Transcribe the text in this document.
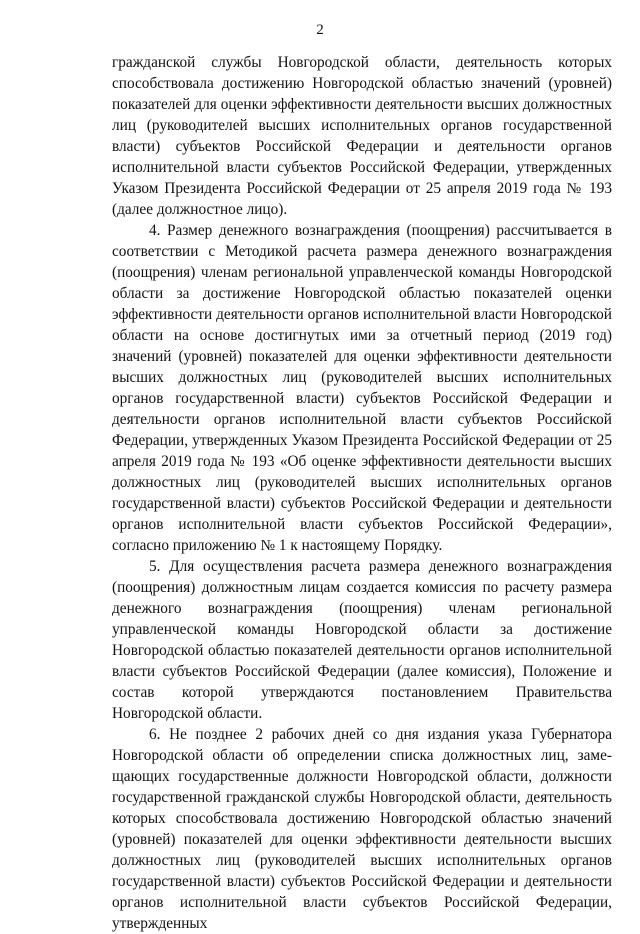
2

гражданской службы Новгородской области, деятельность которых способствовала достижению Новгородской областью значений (уровней) показателей для оценки эффективности деятельности высших должностных лиц (руководителей высших исполнительных органов государственной власти) субъектов Российской Федерации и деятельности органов исполнительной власти субъектов Российской Федерации, утвержденных Указом Президента Российской Федерации от 25 апреля 2019 года № 193 (далее должностное лицо).

4. Размер денежного вознаграждения (поощрения) рассчитывается в соответствии с Методикой расчета размера денежного вознаграждения (поощрения) членам региональной управленческой команды Новгородской области за достижение Новгородской областью показателей оценки эффективности деятельности органов исполнительной власти Новгородской области на основе достигнутых ими за отчетный период (2019 год) значений (уровней) показателей для оценки эффективности деятельности высших должностных лиц (руководителей высших исполнительных органов государственной власти) субъектов Российской Федерации и деятельности органов исполнительной власти субъектов Российской Федерации, утвержденных Указом Президента Российской Федерации от 25 апреля 2019 года № 193 «Об оценке эффективности деятельности высших должностных лиц (руководителей высших исполнительных органов государственной власти) субъектов Российской Федерации и деятельности органов исполнительной власти субъектов Российской Федерации», согласно приложению № 1 к настоящему Порядку.

5. Для осуществления расчета размера денежного вознаграждения (поощрения) должностным лицам создается комиссия по расчету размера денежного вознаграждения (поощрения) членам региональной управленческой команды Новгородской области за достижение Новгородской областью показателей деятельности органов исполнительной власти субъектов Российской Федерации (далее комиссия), Положение и состав которой утверждаются постановлением Правительства Новгородской области.

6. Не позднее 2 рабочих дней со дня издания указа Губернатора Новгородской области об определении списка должностных лиц, замещающих государственные должности Новгородской области, должности государственной гражданской службы Новгородской области, деятельность которых способствовала достижению Новгородской областью значений (уровней) показателей для оценки эффективности деятельности высших должностных лиц (руководителей высших исполнительных органов государственной власти) субъектов Российской Федерации и деятельности органов исполнительной власти субъектов Российской Федерации, утвержденных
